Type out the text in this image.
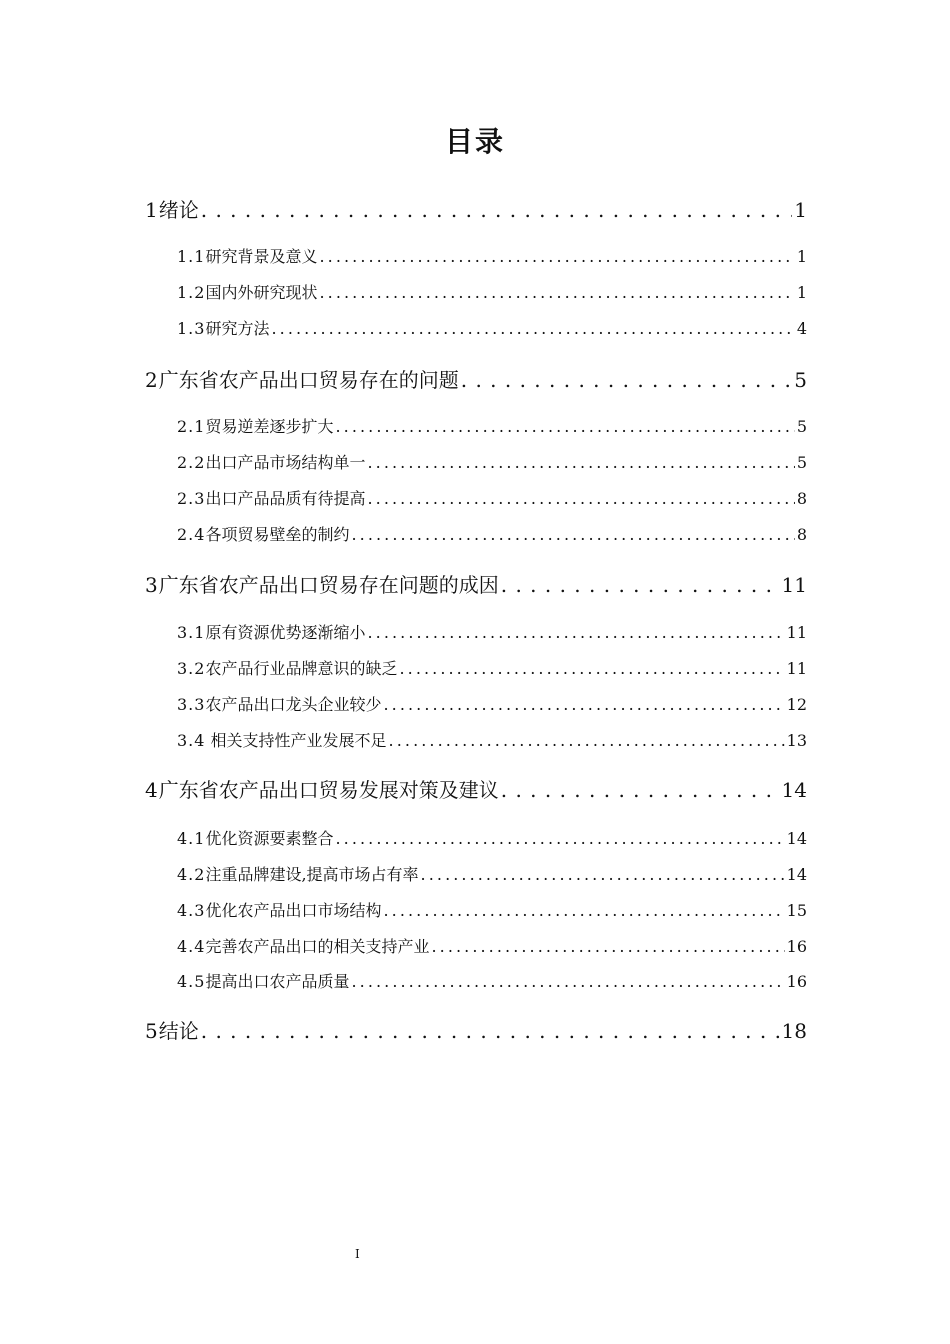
目录
1绪论 . . .	1
1.1研究背景及意义 . . .	1
1.2国内外研究现状 . . .	1
1.3研究方法 . . .	4
2广东省农产品出口贸易存在的问题 . . .	5
2.1贸易逆差逐步扩大 . . .	5
2.2出口产品市场结构单一 . . .	5
2.3出口产品品质有待提高 . . .	8
2.4各项贸易壁垒的制约 . . .	8
3广东省农产品出口贸易存在问题的成因 . . .	11
3.1原有资源优势逐渐缩小 . . .	11
3.2农产品行业品牌意识的缺乏 . . .	11
3.3农产品出口龙头企业较少 . . .	12
3.4 相关支持性产业发展不足 . . .	13
4广东省农产品出口贸易发展对策及建议 . . .	14
4.1优化资源要素整合 . . .	14
4.2注重品牌建设,提高市场占有率 . . .	14
4.3优化农产品出口市场结构 . . .	15
4.4完善农产品出口的相关支持产业 . . .	16
4.5提高出口农产品质量 . . .	16
5结论 . . .	18
I
